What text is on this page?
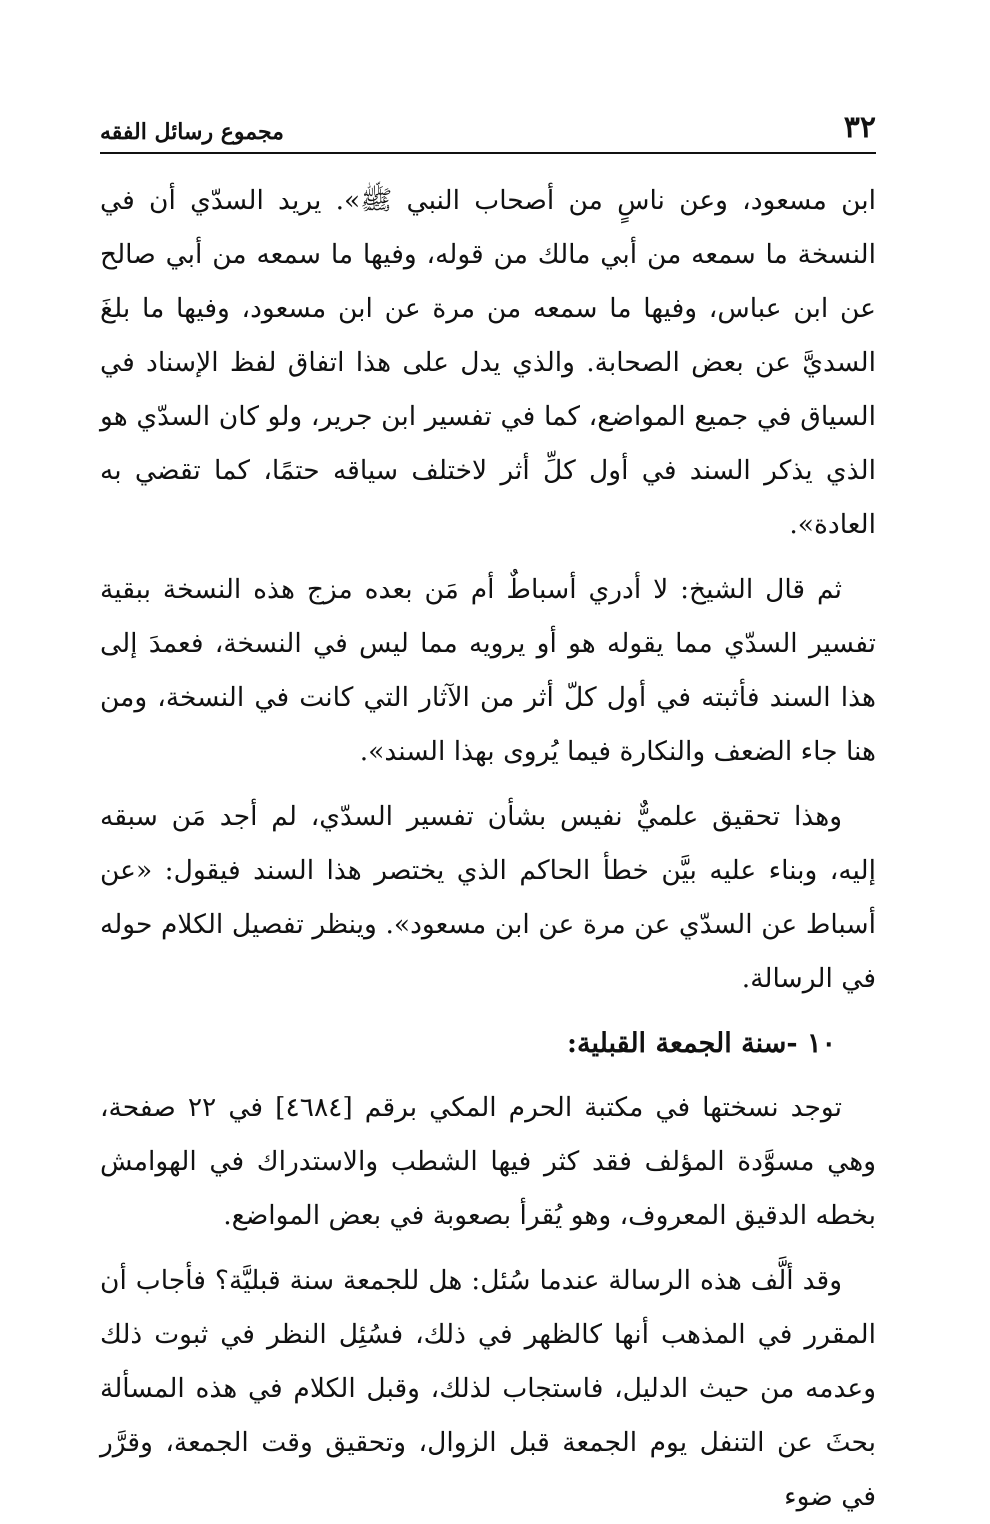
٣٢
مجموع رسائل الفقه

ابن مسعود، وعن ناسٍ من أصحاب النبي ﷺ». يريد السدّي أن في النسخة ما سمعه من أبي مالك من قوله، وفيها ما سمعه من أبي صالح عن ابن عباس، وفيها ما سمعه من مرة عن ابن مسعود، وفيها ما بلغَ السديَّ عن بعض الصحابة. والذي يدل على هذا اتفاق لفظ الإسناد في السياق في جميع المواضع، كما في تفسير ابن جرير، ولو كان السدّي هو الذي يذكر السند في أول كلِّ أثر لاختلف سياقه حتمًا، كما تقضي به العادة».

ثم قال الشيخ: لا أدري أسباطٌ أم مَن بعده مزج هذه النسخة ببقية تفسير السدّي مما يقوله هو أو يرويه مما ليس في النسخة، فعمدَ إلى هذا السند فأثبته في أول كلّ أثر من الآثار التي كانت في النسخة، ومن هنا جاء الضعف والنكارة فيما يُروى بهذا السند».

وهذا تحقيق علميٌّ نفيس بشأن تفسير السدّي، لم أجد مَن سبقه إليه، وبناء عليه بيَّن خطأ الحاكم الذي يختصر هذا السند فيقول: «عن أسباط عن السدّي عن مرة عن ابن مسعود». وينظر تفصيل الكلام حوله في الرسالة.

١٠ -سنة الجمعة القبلية:

توجد نسختها في مكتبة الحرم المكي برقم [٤٦٨٤] في ٢٢ صفحة، وهي مسوَّدة المؤلف فقد كثر فيها الشطب والاستدراك في الهوامش بخطه الدقيق المعروف، وهو يُقرأ بصعوبة في بعض المواضع.

وقد ألَّف هذه الرسالة عندما سُئل: هل للجمعة سنة قبليَّة؟ فأجاب أن المقرر في المذهب أنها كالظهر في ذلك، فسُئِل النظر في ثبوت ذلك وعدمه من حيث الدليل، فاستجاب لذلك، وقبل الكلام في هذه المسألة بحثَ عن التنفل يوم الجمعة قبل الزوال، وتحقيق وقت الجمعة، وقرَّر في ضوء
